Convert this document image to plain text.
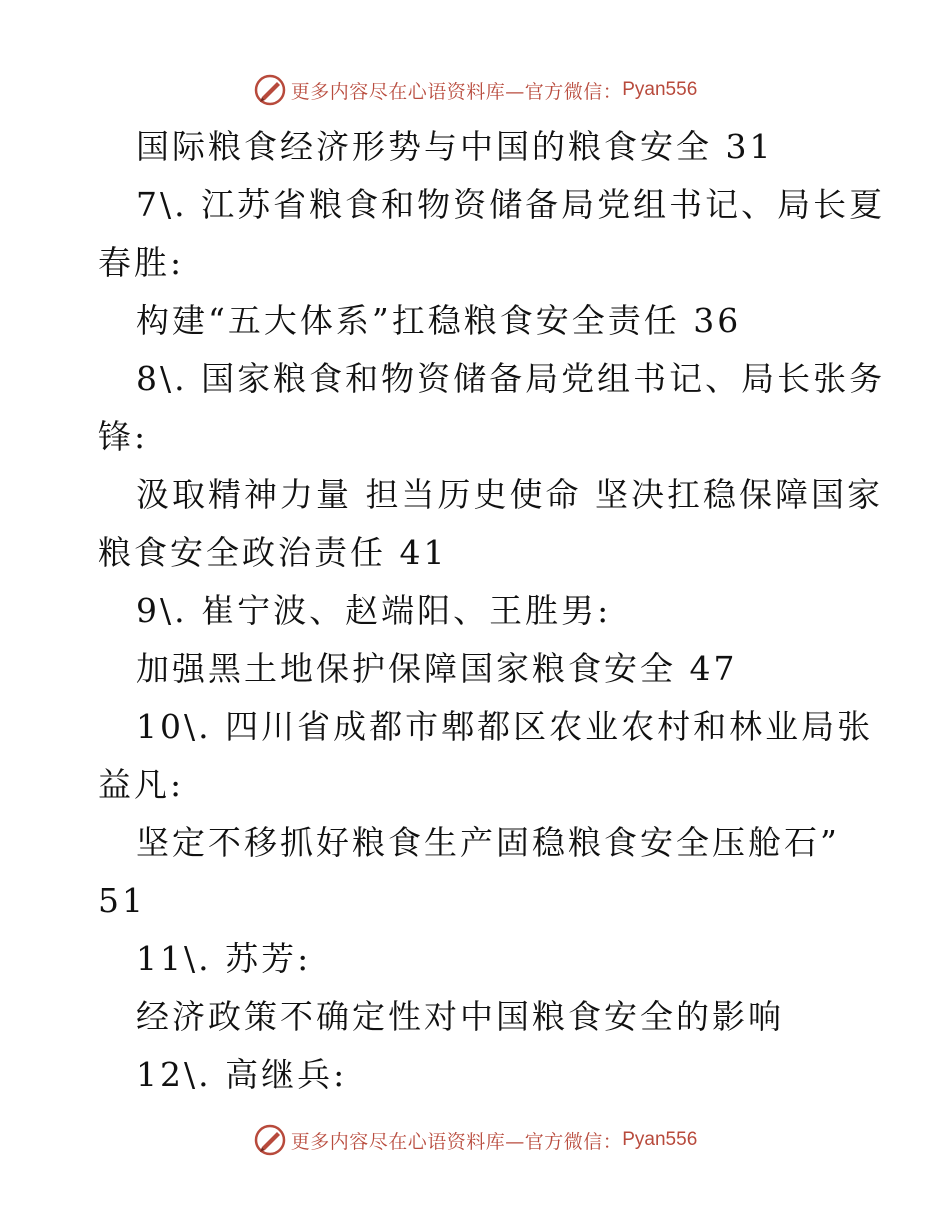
更多内容尽在心语资料库—官方微信： Pyan556
国际粮食经济形势与中国的粮食安全 31
7\. 江苏省粮食和物资储备局党组书记、局长夏
春胜:
构建“五大体系”扛稳粮食安全责任 36
8\. 国家粮食和物资储备局党组书记、局长张务
锋:
汲取精神力量 担当历史使命 坚决扛稳保障国家
粮食安全政治责任 41
9\. 崔宁波、赵端阳、王胜男:
加强黑土地保护保障国家粮食安全 47
10\. 四川省成都市郫都区农业农村和林业局张
益凡:
坚定不移抓好粮食生产固稳粮食安全压舱石”
51
11\. 苏芳:
经济政策不确定性对中国粮食安全的影响
12\. 高继兵:
更多内容尽在心语资料库—官方微信： Pyan556
